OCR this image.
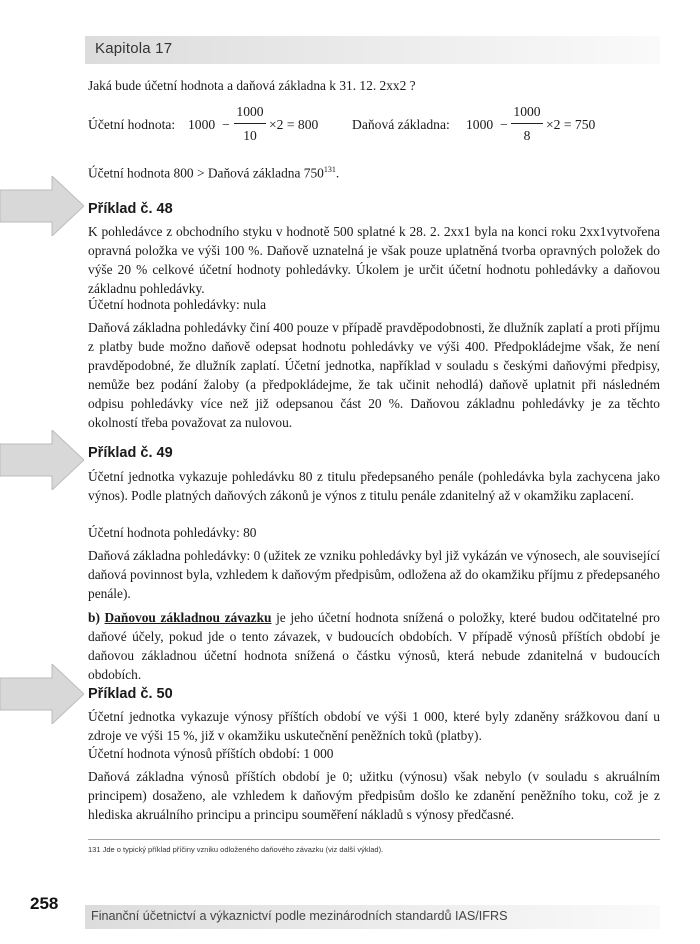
Kapitola 17

Jaká bude účetní hodnota a daňová základna k 31. 12. 2xx2 ?

Účetní hodnota: 1000 −
1000
10
×2 = 800 Daňová základna: 1000 −
1000
8
×2 = 750

Účetní hodnota 800 > Daňová základna $750^{131}$.

Příklad č. 48

K pohledávce z obchodního styku v hodnotě 500 splatné k 28. 2. 2xx1 byla na konci roku 2xx1vytvořena opravná položka ve výši 100 %. Daňově uznatelná je však pouze uplatněná tvorba opravných položek do výše 20 % celkové účetní hodnoty pohledávky. Úkolem je určit účetní hodnotu pohledávky a daňovou základnu pohledávky.

Účetní hodnota pohledávky: nula

Daňová základna pohledávky činí 400 pouze v případě pravděpodobnosti, že dlužník zaplatí a proti příjmu z platby bude možno daňově odepsat hodnotu pohledávky ve výši 400. Předpokládejme však, že není pravděpodobné, že dlužník zaplatí. Účetní jednotka, například v souladu s českými daňovými předpisy, nemůže bez podání žaloby (a předpokládejme, že tak učinit nehodlá) daňově uplatnit při následném odpisu pohledávky více než již odepsanou část 20 %. Daňovou základnu pohledávky je za těchto okolností třeba považovat za nulovou.

Příklad č. 49

Účetní jednotka vykazuje pohledávku 80 z titulu předepsaného penále (pohledávka byla zachycena jako výnos). Podle platných daňových zákonů je výnos z titulu penále zdanitelný až v okamžiku zaplacení.

Účetní hodnota pohledávky: 80

Daňová základna pohledávky: 0 (užitek ze vzniku pohledávky byl již vykázán ve výnosech, ale související daňová povinnost byla, vzhledem k daňovým předpisům, odložena až do okamžiku příjmu z předepsaného penále).

b) Daňovou základnou závazku je jeho účetní hodnota snížená o položky, které budou odčitatelné pro daňové účely, pokud jde o tento závazek, v budoucích obdobích. V případě výnosů příštích období je daňovou základnou účetní hodnota snížená o částku výnosů, která nebude zdanitelná v budoucích obdobích.

Příklad č. 50

Účetní jednotka vykazuje výnosy příštích období ve výši 1 000, které byly zdaněny srážkovou daní u zdroje ve výši 15 %, již v okamžiku uskutečnění peněžních toků (platby).

Účetní hodnota výnosů příštích období: 1 000

Daňová základna výnosů příštích období je 0; užitku (výnosu) však nebylo (v souladu s akruálním principem) dosaženo, ale vzhledem k daňovým předpisům došlo ke zdanění peněžního toku, což je z hlediska akruálního principu a principu souměření nákladů s výnosy předčasné.

131 Jde o typický příklad příčiny vzniku odloženého daňového závazku (viz další výklad).
258
Finanční účetnictví a výkaznictví podle mezinárodních standardů IAS/IFRS
